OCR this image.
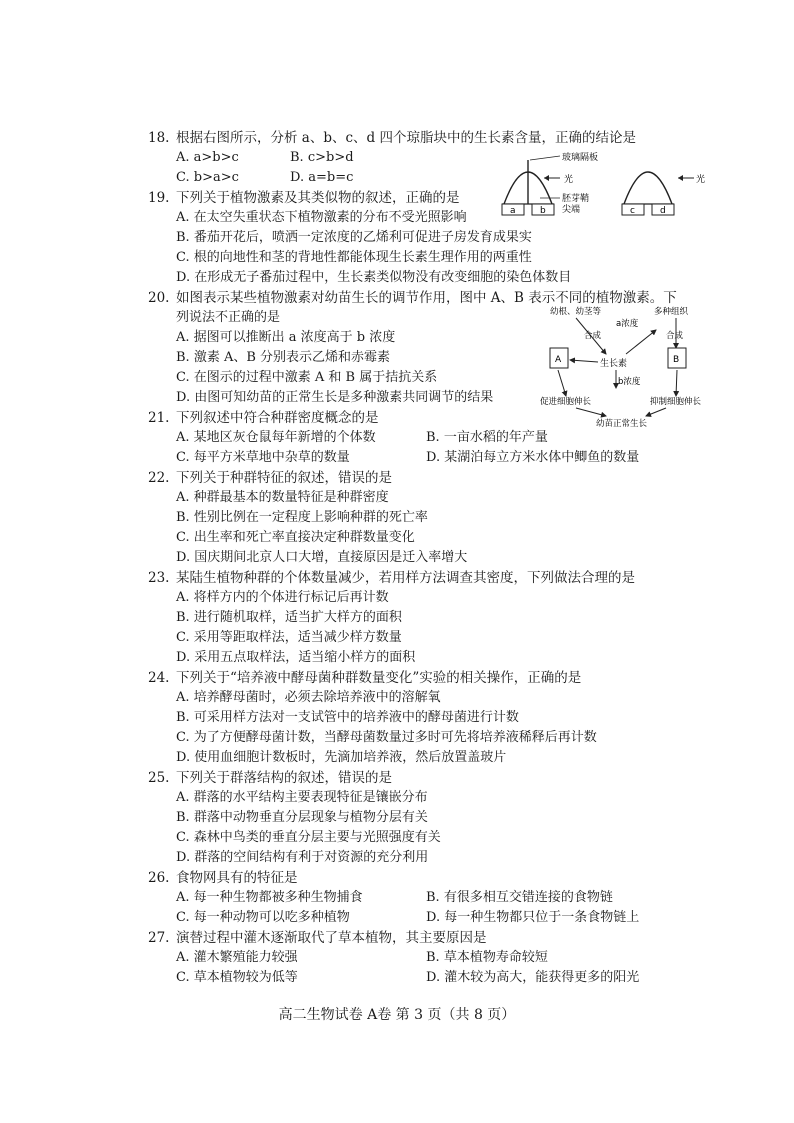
18. 根据右图所示，分析 a、b、c、d 四个琼脂块中的生长素含量，正确的结论是
A. a>b>c	B. c>b>d
C. b>a>c	D. a=b=c
a	b
玻璃隔板
光
胚芽鞘
尖端	c	d
光
19. 下列关于植物激素及其类似物的叙述，正确的是
A. 在太空失重状态下植物激素的分布不受光照影响
B. 番茄开花后，喷洒一定浓度的乙烯利可促进子房发育成果实
C. 根的向地性和茎的背地性都能体现生长素生理作用的两重性
D. 在形成无子番茄过程中，生长素类似物没有改变细胞的染色体数目
20. 如图表示某些植物激素对幼苗生长的调节作用，图中 A、B 表示不同的植物激素。下
列说法不正确的是
A. 据图可以推断出 a 浓度高于 b 浓度
B. 激素 A、B 分别表示乙烯和赤霉素
C. 在图示的过程中激素 A 和 B 属于拮抗关系
D. 由图可知幼苗的正常生长是多种激素共同调节的结果
幼根、幼茎等	多种组织
合成	合成
生长素
a浓度
A	B
b浓度
促进细胞伸长	抑制细胞伸长
幼苗正常生长
21. 下列叙述中符合种群密度概念的是
A. 某地区灰仓鼠每年新增的个体数	B. 一亩水稻的年产量
C. 每平方米草地中杂草的数量	D. 某湖泊每立方米水体中鲫鱼的数量
22. 下列关于种群特征的叙述，错误的是
A. 种群最基本的数量特征是种群密度
B. 性别比例在一定程度上影响种群的死亡率
C. 出生率和死亡率直接决定种群数量变化
D. 国庆期间北京人口大增，直接原因是迁入率增大
23. 某陆生植物种群的个体数量减少，若用样方法调查其密度，下列做法合理的是
A. 将样方内的个体进行标记后再计数
B. 进行随机取样，适当扩大样方的面积
C. 采用等距取样法，适当减少样方数量
D. 采用五点取样法，适当缩小样方的面积
24. 下列关于“培养液中酵母菌种群数量变化”实验的相关操作，正确的是
A. 培养酵母菌时，必须去除培养液中的溶解氧
B. 可采用样方法对一支试管中的培养液中的酵母菌进行计数
C. 为了方便酵母菌计数，当酵母菌数量过多时可先将培养液稀释后再计数
D. 使用血细胞计数板时，先滴加培养液，然后放置盖玻片
25. 下列关于群落结构的叙述，错误的是
A. 群落的水平结构主要表现特征是镶嵌分布
B. 群落中动物垂直分层现象与植物分层有关
C. 森林中鸟类的垂直分层主要与光照强度有关
D. 群落的空间结构有利于对资源的充分利用
26. 食物网具有的特征是
A. 每一种生物都被多种生物捕食	B. 有很多相互交错连接的食物链
C. 每一种动物可以吃多种植物	D. 每一种生物都只位于一条食物链上
27. 演替过程中灌木逐渐取代了草本植物，其主要原因是
A. 灌木繁殖能力较强	B. 草本植物寿命较短
C. 草本植物较为低等	D. 灌木较为高大，能获得更多的阳光
高二生物试卷 A卷 第 3 页（共 8 页）
